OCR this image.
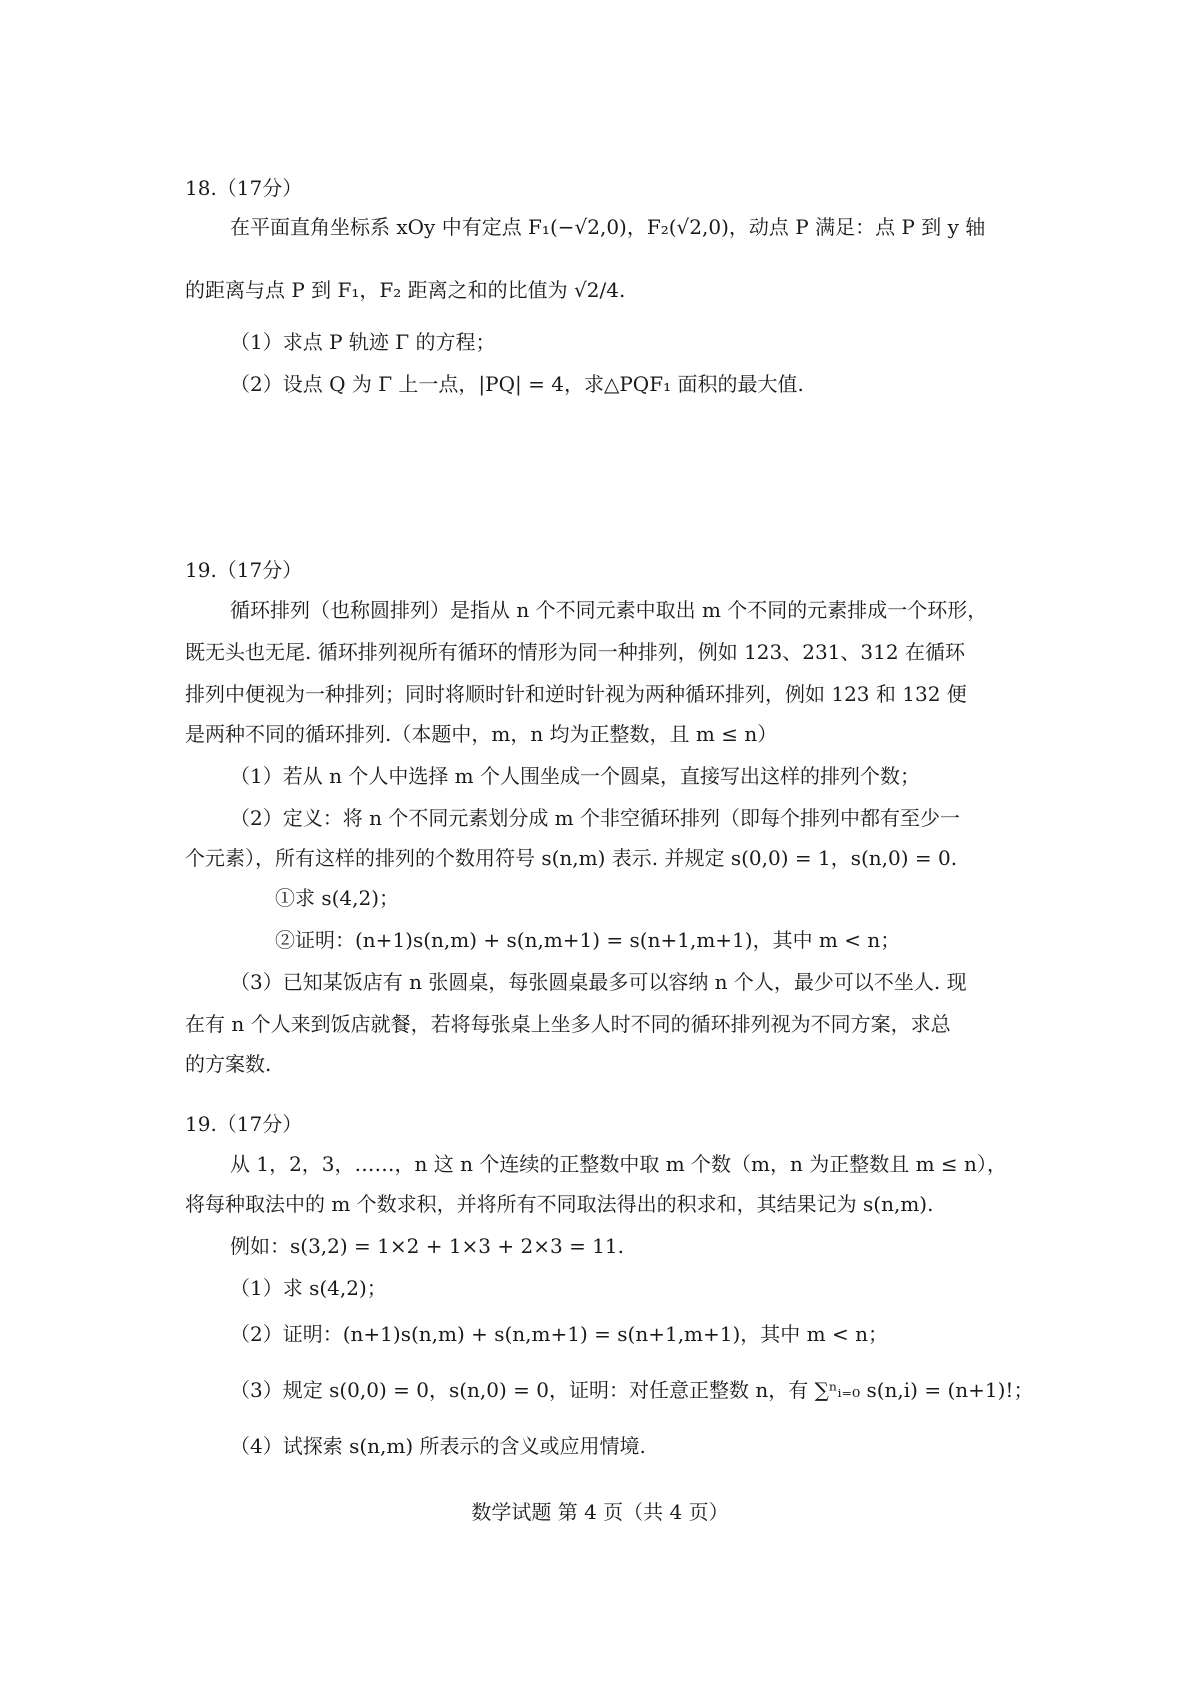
18.（17分）
在平面直角坐标系 xOy 中有定点 F₁(−√2,0)，F₂(√2,0)，动点 P 满足：点 P 到 y 轴
的距离与点 P 到 F₁，F₂ 距离之和的比值为 √2/4.
（1）求点 P 轨迹 Γ 的方程；
（2）设点 Q 为 Γ 上一点，|PQ| = 4，求△PQF₁ 面积的最大值.
19.（17分）
循环排列（也称圆排列）是指从 n 个不同元素中取出 m 个不同的元素排成一个环形，
既无头也无尾. 循环排列视所有循环的情形为同一种排列，例如 123、231、312 在循环
排列中便视为一种排列；同时将顺时针和逆时针视为两种循环排列，例如 123 和 132 便
是两种不同的循环排列.（本题中，m，n 均为正整数，且 m ≤ n）
（1）若从 n 个人中选择 m 个人围坐成一个圆桌，直接写出这样的排列个数；
（2）定义：将 n 个不同元素划分成 m 个非空循环排列（即每个排列中都有至少一
个元素），所有这样的排列的个数用符号 s(n,m) 表示. 并规定 s(0,0) = 1，s(n,0) = 0.
①求 s(4,2)；
②证明：(n+1)s(n,m) + s(n,m+1) = s(n+1,m+1)，其中 m < n；
（3）已知某饭店有 n 张圆桌，每张圆桌最多可以容纳 n 个人，最少可以不坐人. 现
在有 n 个人来到饭店就餐，若将每张桌上坐多人时不同的循环排列视为不同方案，求总
的方案数.
19.（17分）
从 1，2，3，……，n 这 n 个连续的正整数中取 m 个数（m，n 为正整数且 m ≤ n），
将每种取法中的 m 个数求积，并将所有不同取法得出的积求和，其结果记为 s(n,m).
例如：s(3,2) = 1×2 + 1×3 + 2×3 = 11.
（1）求 s(4,2)；
（2）证明：(n+1)s(n,m) + s(n,m+1) = s(n+1,m+1)，其中 m < n；
（3）规定 s(0,0) = 0，s(n,0) = 0，证明：对任意正整数 n，有 ∑ⁿᵢ₌₀ s(n,i) = (n+1)!；
（4）试探索 s(n,m) 所表示的含义或应用情境.
数学试题 第 4 页（共 4 页）
